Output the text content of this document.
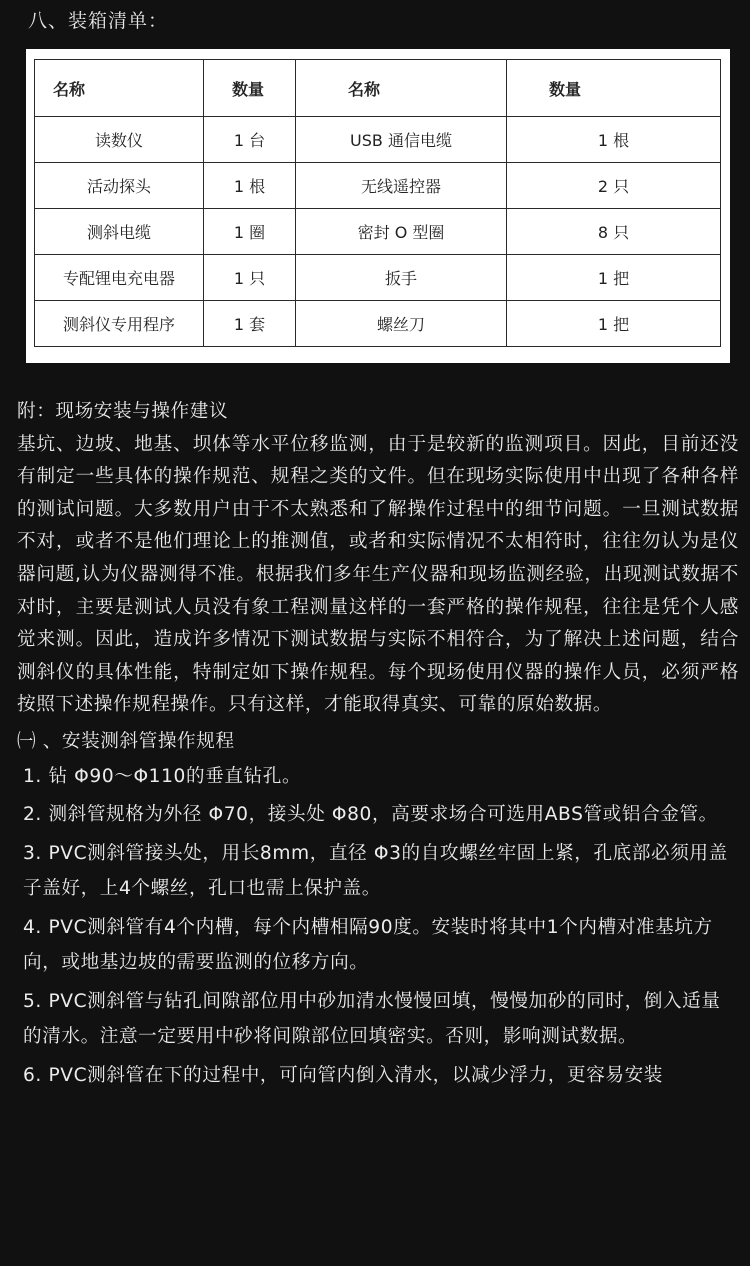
八、装箱清单：
名称	数量	名称	数量
读数仪	1 台	USB 通信电缆	1 根
活动探头	1 根	无线遥控器	2 只
测斜电缆	1 圈	密封 O 型圈	8 只
专配锂电充电器	1 只	扳手	1 把
测斜仪专用程序	1 套	螺丝刀	1 把

附：现场安装与操作建议

基坑、边坡、地基、坝体等水平位移监测，由于是较新的监测项目。因此，目前还没有制定一些具体的操作规范、规程之类的文件。但在现场实际使用中出现了各种各样的测试问题。大多数用户由于不太熟悉和了解操作过程中的细节问题。一旦测试数据不对，或者不是他们理论上的推测值，或者和实际情况不太相符时，往往勿认为是仪器问题,认为仪器测得不准。根据我们多年生产仪器和现场监测经验，出现测试数据不对时，主要是测试人员没有象工程测量这样的一套严格的操作规程，往往是凭个人感觉来测。因此，造成许多情况下测试数据与实际不相符合，为了解决上述问题，结合测斜仪的具体性能，特制定如下操作规程。每个现场使用仪器的操作人员，必须严格按照下述操作规程操作。只有这样，才能取得真实、可靠的原始数据。

㈠ 、安装测斜管操作规程

1. 钻 Φ90～Φ110的垂直钻孔。

2. 测斜管规格为外径 Φ70，接头处 Φ80，高要求场合可选用ABS管或铝合金管。

3. PVC测斜管接头处，用长8mm，直径 Φ3的自攻螺丝牢固上紧，孔底部必须用盖子盖好，上4个螺丝，孔口也需上保护盖。

4. PVC测斜管有4个内槽，每个内槽相隔90度。安装时将其中1个内槽对准基坑方向，或地基边坡的需要监测的位移方向。

5. PVC测斜管与钻孔间隙部位用中砂加清水慢慢回填，慢慢加砂的同时，倒入适量的清水。注意一定要用中砂将间隙部位回填密实。否则，影响测试数据。

6. PVC测斜管在下的过程中，可向管内倒入清水，以减少浮力，更容易安装
